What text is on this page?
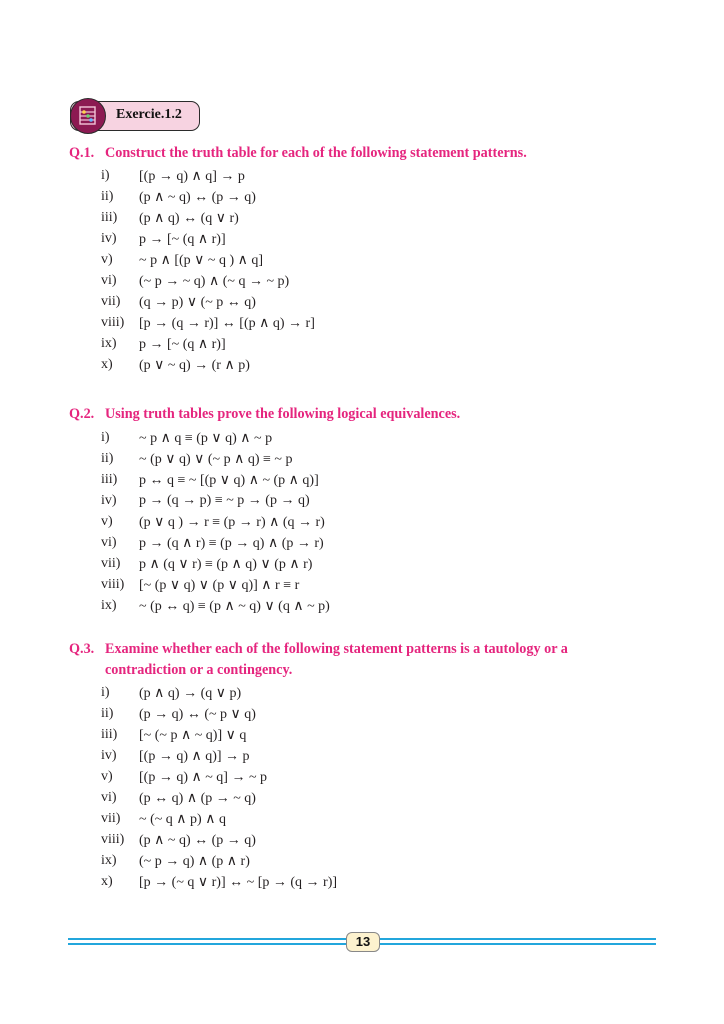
Exercie.1.2
Q.1. Construct the truth table for each of the following statement patterns.
i) [(p → q) ∧ q] → p
ii) (p ∧ ~ q) ↔ (p → q)
iii) (p ∧ q) ↔ (q ∨ r)
iv) p → [~ (q ∧ r)]
v) ~ p ∧ [(p ∨ ~ q ) ∧ q]
vi) (~ p → ~ q) ∧ (~ q → ~ p)
vii) (q → p) ∨ (~ p ↔ q)
viii) [p → (q → r)] ↔ [(p ∧ q) → r]
ix) p → [~ (q ∧ r)]
x) (p ∨ ~ q) → (r ∧ p)
Q.2. Using truth tables prove the following logical equivalences.
i) ~ p ∧ q ≡ (p ∨ q) ∧ ~ p
ii) ~ (p ∨ q) ∨ (~ p ∧ q) ≡ ~ p
iii) p ↔ q ≡ ~ [(p ∨ q) ∧ ~ (p ∧ q)]
iv) p → (q → p) ≡ ~ p → (p → q)
v) (p ∨ q ) → r ≡ (p → r) ∧ (q → r)
vi) p → (q ∧ r) ≡ (p → q) ∧ (p → r)
vii) p ∧ (q ∨ r) ≡ (p ∧ q) ∨ (p ∧ r)
viii) [~ (p ∨ q) ∨ (p ∨ q)] ∧ r ≡ r
ix) ~ (p ↔ q) ≡ (p ∧ ~ q) ∨ (q ∧ ~ p)
Q.3. Examine whether each of the following statement patterns is a tautology or a
contradiction or a contingency.
i) (p ∧ q) → (q ∨ p)
ii) (p → q) ↔ (~ p ∨ q)
iii) [~ (~ p ∧ ~ q)] ∨ q
iv) [(p → q) ∧ q)] → p
v) [(p → q) ∧ ~ q] → ~ p
vi) (p ↔ q) ∧ (p → ~ q)
vii) ~ (~ q ∧ p) ∧ q
viii) (p ∧ ~ q) ↔ (p → q)
ix) (~ p → q) ∧ (p ∧ r)
x) [p → (~ q ∨ r)] ↔ ~ [p → (q → r)]
13
